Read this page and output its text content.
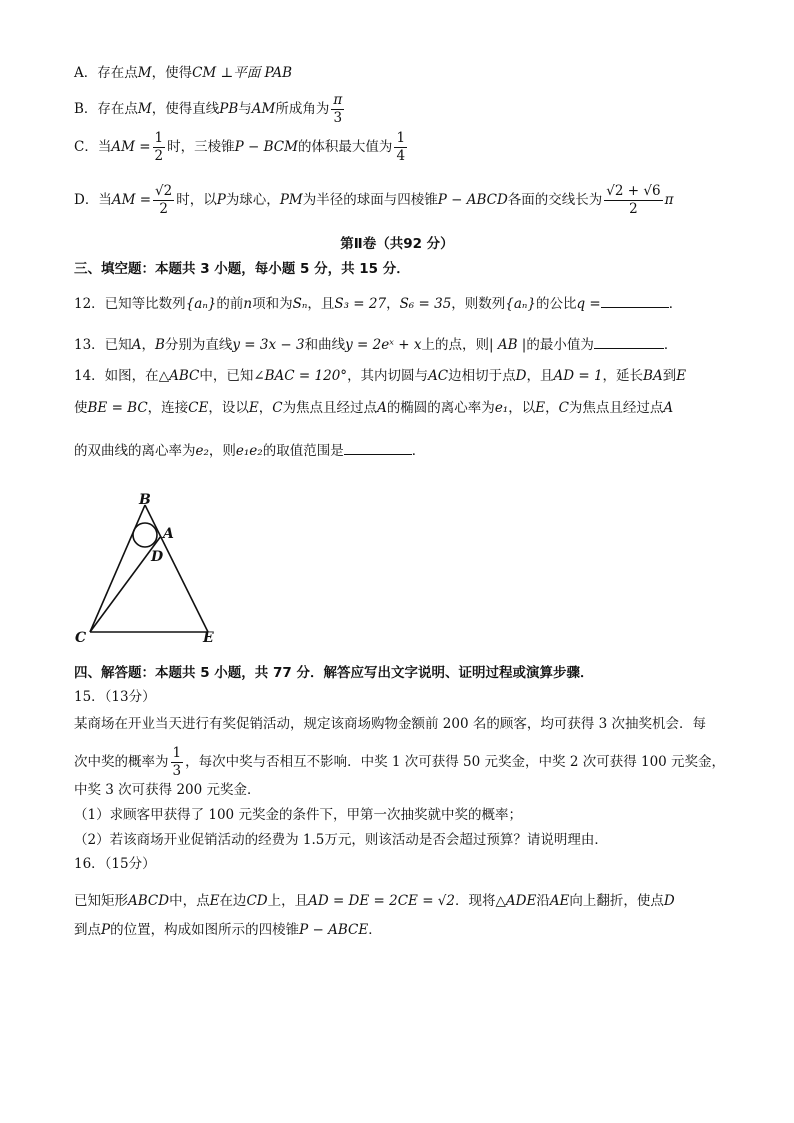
A．存在点M，使得CM ⊥平面 PAB
B．存在点M，使得直线PB与AM所成角为 $\frac{\pi}{3}$
C．当AM = $\frac{1}{2}$ 时，三棱锥P − BCM的体积最大值为 $\frac{1}{4}$
D．当AM = $\frac{√2}{2}$ 时，以P为球心，PM为半径的球面与四棱锥P − ABCD各面的交线长为 $\frac{√2 + √6}{2}$ π
第Ⅱ卷（共92 分）
三、填空题：本题共 3 小题，每小题 5 分，共 15 分．
12．已知等比数列{aₙ}的前n项和为Sₙ，且S₃ = 27，S₆ = 35，则数列{aₙ}的公比q =	．
13．已知A，B分别为直线y = 3x − 3和曲线y = 2eˣ + x上的点，则| AB |的最小值为	．
14．如图，在△ABC中，已知∠BAC = 120°，其内切圆与AC边相切于点D，且AD = 1，延长BA到E
使BE = BC，连接CE，设以E，C为焦点且经过点A的椭圆的离心率为e₁，以E，C为焦点且经过点A
的双曲线的离心率为e₂，则e₁e₂的取值范围是	．
B
A
D
C	E
四、解答题：本题共 5 小题，共 77 分．解答应写出文字说明、证明过程或演算步骤．
15．（13分）
某商场在开业当天进行有奖促销活动，规定该商场购物金额前 200 名的顾客，均可获得 3 次抽奖机会．每
次中奖的概率为 $\frac{1}{3}$ ，每次中奖与否相互不影响．中奖 1 次可获得 50 元奖金，中奖 2 次可获得 100 元奖金，
中奖 3 次可获得 200 元奖金．
（1）求顾客甲获得了 100 元奖金的条件下，甲第一次抽奖就中奖的概率；
（2）若该商场开业促销活动的经费为 1.5万元，则该活动是否会超过预算？请说明理由．
16．（15分）
已知矩形ABCD中，点E在边CD上，且AD = DE = 2CE = √2．现将△ADE沿AE向上翻折，使点D
到点P的位置，构成如图所示的四棱锥P − ABCE．
